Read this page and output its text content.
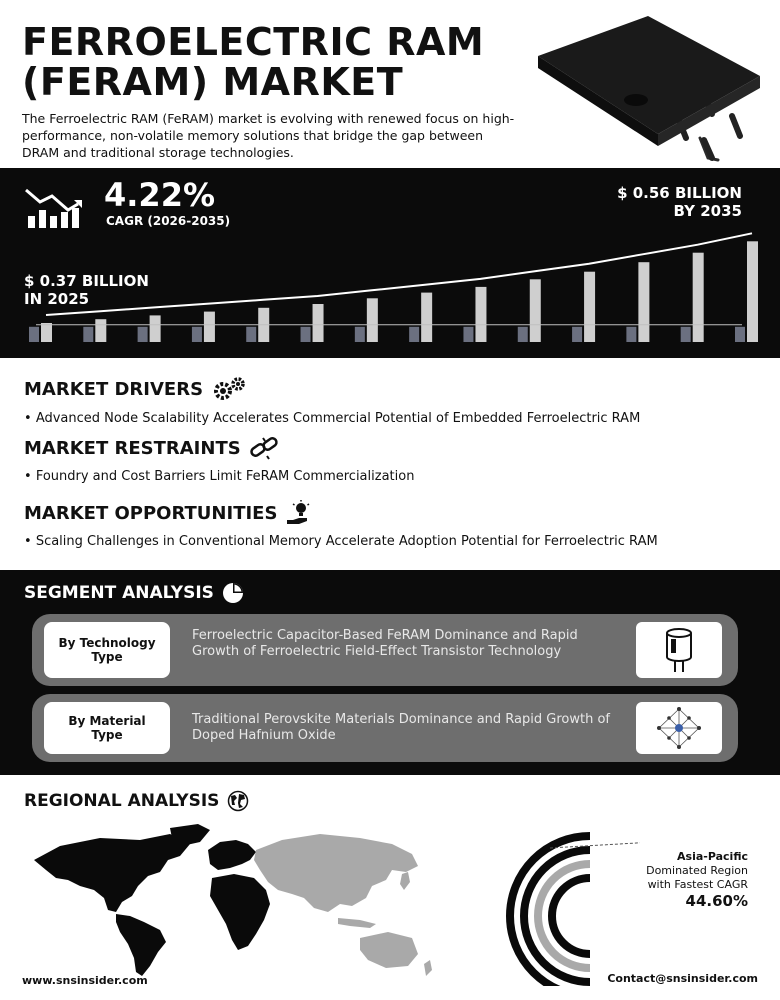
FERROELECTRIC RAM
(FERAM) MARKET
The Ferroelectric RAM (FeRAM) market is evolving with renewed focus on high-performance, non-volatile memory solutions that bridge the gap between DRAM and traditional storage technologies.
4.22%
CAGR (2026-2035)
$ 0.56 BILLION
BY 2035
$ 0.37 BILLION
IN 2025
MARKET DRIVERS
• Advanced Node Scalability Accelerates Commercial Potential of Embedded Ferroelectric RAM
MARKET RESTRAINTS
• Foundry and Cost Barriers Limit FeRAM Commercialization
MARKET OPPORTUNITIES
• Scaling Challenges in Conventional Memory Accelerate Adoption Potential for Ferroelectric RAM
SEGMENT ANALYSIS
By Technology
Type
Ferroelectric Capacitor-Based FeRAM Dominance and Rapid Growth of Ferroelectric Field-Effect Transistor Technology
By Material
Type
Traditional Perovskite Materials Dominance and Rapid Growth of Doped Hafnium Oxide
REGIONAL ANALYSIS
Asia-Pacific
Dominated Region
with Fastest CAGR
44.60%
www.snsinsider.com	Contact@snsinsider.com
